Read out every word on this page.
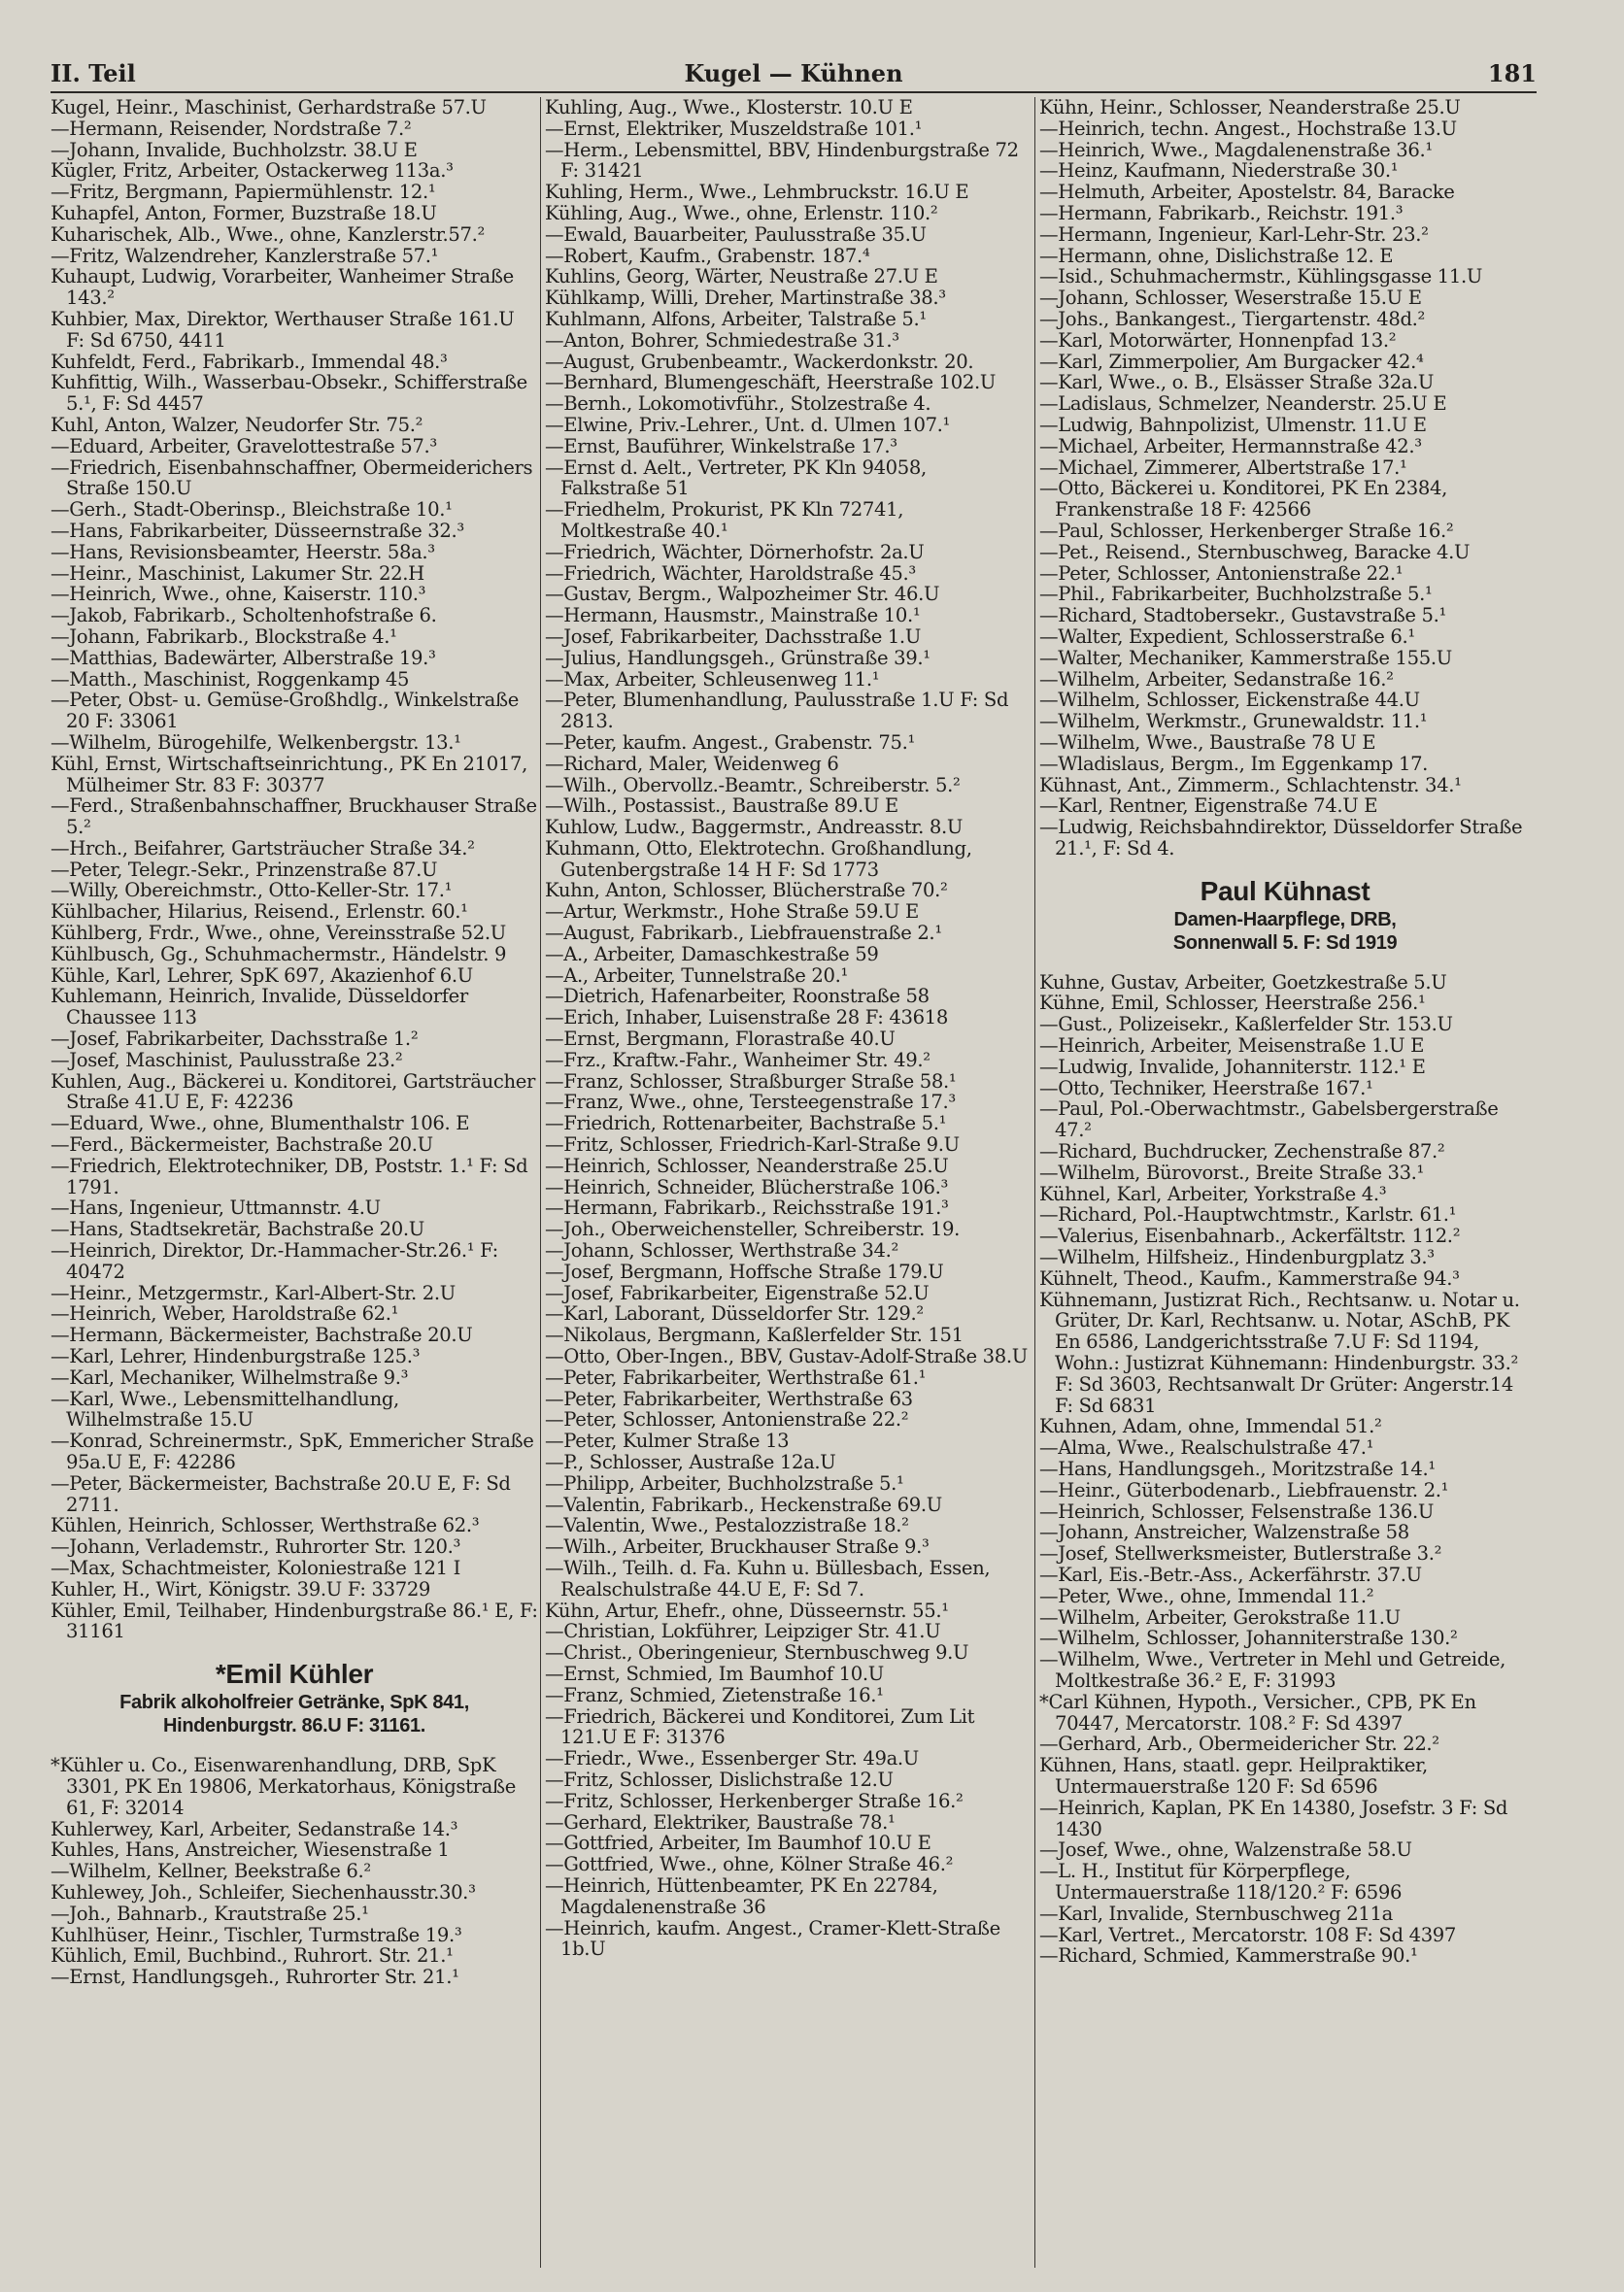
II. Teil	Kugel — Kühnen	181
Kugel, Heinr., Maschinist, Gerhardstraße 57.U
—Hermann, Reisender, Nordstraße 7.²
—Johann, Invalide, Buchholzstr. 38.U E
Kügler, Fritz, Arbeiter, Ostackerweg 113a.³
—Fritz, Bergmann, Papiermühlenstr. 12.¹
Kuhapfel, Anton, Former, Buzstraße 18.U
Kuharischek, Alb., Wwe., ohne, Kanzlerstr.57.²
—Fritz, Walzendreher, Kanzlerstraße 57.¹
Kuhaupt, Ludwig, Vorarbeiter, Wanheimer Straße 143.²
Kuhbier, Max, Direktor, Werthauser Straße 161.U F: Sd 6750, 4411
Kuhfeldt, Ferd., Fabrikarb., Immendal 48.³
Kuhfittig, Wilh., Wasserbau-Obsekr., Schifferstraße 5.¹, F: Sd 4457
Kuhl, Anton, Walzer, Neudorfer Str. 75.²
—Eduard, Arbeiter, Gravelottestraße 57.³
—Friedrich, Eisenbahnschaffner, Obermeiderichers Straße 150.U
—Gerh., Stadt-Oberinsp., Bleichstraße 10.¹
—Hans, Fabrikarbeiter, Düsseernstraße 32.³
—Hans, Revisionsbeamter, Heerstr. 58a.³
—Heinr., Maschinist, Lakumer Str. 22.H
—Heinrich, Wwe., ohne, Kaiserstr. 110.³
—Jakob, Fabrikarb., Scholtenhofstraße 6.
—Johann, Fabrikarb., Blockstraße 4.¹
—Matthias, Badewärter, Alberstraße 19.³
—Matth., Maschinist, Roggenkamp 45
—Peter, Obst- u. Gemüse-Großhdlg., Winkelstraße 20 F: 33061
—Wilhelm, Bürogehilfe, Welkenbergstr. 13.¹
Kühl, Ernst, Wirtschaftseinrichtung., PK En 21017, Mülheimer Str. 83 F: 30377
—Ferd., Straßenbahnschaffner, Bruckhauser Straße 5.²
—Hrch., Beifahrer, Gartsträucher Straße 34.²
—Peter, Telegr.-Sekr., Prinzenstraße 87.U
—Willy, Obereichmstr., Otto-Keller-Str. 17.¹
Kühlbacher, Hilarius, Reisend., Erlenstr. 60.¹
Kühlberg, Frdr., Wwe., ohne, Vereinsstraße 52.U
Kühlbusch, Gg., Schuhmachermstr., Händelstr. 9
Kühle, Karl, Lehrer, SpK 697, Akazienhof 6.U
Kuhlemann, Heinrich, Invalide, Düsseldorfer Chaussee 113
—Josef, Fabrikarbeiter, Dachsstraße 1.²
—Josef, Maschinist, Paulusstraße 23.²
Kuhlen, Aug., Bäckerei u. Konditorei, Gartsträucher Straße 41.U E, F: 42236
—Eduard, Wwe., ohne, Blumenthalstr 106. E
—Ferd., Bäckermeister, Bachstraße 20.U
—Friedrich, Elektrotechniker, DB, Poststr. 1.¹ F: Sd 1791.
—Hans, Ingenieur, Uttmannstr. 4.U
—Hans, Stadtsekretär, Bachstraße 20.U
—Heinrich, Direktor, Dr.-Hammacher-Str.26.¹ F: 40472
—Heinr., Metzgermstr., Karl-Albert-Str. 2.U
—Heinrich, Weber, Haroldstraße 62.¹
—Hermann, Bäckermeister, Bachstraße 20.U
—Karl, Lehrer, Hindenburgstraße 125.³
—Karl, Mechaniker, Wilhelmstraße 9.³
—Karl, Wwe., Lebensmittelhandlung, Wilhelmstraße 15.U
—Konrad, Schreinermstr., SpK, Emmericher Straße 95a.U E, F: 42286
—Peter, Bäckermeister, Bachstraße 20.U E, F: Sd 2711.
Kühlen, Heinrich, Schlosser, Werthstraße 62.³
—Johann, Verlademstr., Ruhrorter Str. 120.³
—Max, Schachtmeister, Koloniestraße 121 I
Kuhler, H., Wirt, Königstr. 39.U F: 33729
Kühler, Emil, Teilhaber, Hindenburgstraße 86.¹ E, F: 31161
*Emil Kühler
Fabrik alkoholfreier Getränke, SpK 841,
Hindenburgstr. 86.U F: 31161.
*Kühler u. Co., Eisenwarenhandlung, DRB, SpK 3301, PK En 19806, Merkatorhaus, Königstraße 61, F: 32014
Kuhlerwey, Karl, Arbeiter, Sedanstraße 14.³
Kuhles, Hans, Anstreicher, Wiesenstraße 1
—Wilhelm, Kellner, Beekstraße 6.²
Kuhlewey, Joh., Schleifer, Siechenhausstr.30.³
—Joh., Bahnarb., Krautstraße 25.¹
Kuhlhüser, Heinr., Tischler, Turmstraße 19.³
Kühlich, Emil, Buchbind., Ruhrort. Str. 21.¹
—Ernst, Handlungsgeh., Ruhrorter Str. 21.¹
Kuhling, Aug., Wwe., Klosterstr. 10.U E
—Ernst, Elektriker, Muszeldstraße 101.¹
—Herm., Lebensmittel, BBV, Hindenburgstraße 72 F: 31421
Kuhling, Herm., Wwe., Lehmbruckstr. 16.U E
Kühling, Aug., Wwe., ohne, Erlenstr. 110.²
—Ewald, Bauarbeiter, Paulusstraße 35.U
—Robert, Kaufm., Grabenstr. 187.⁴
Kuhlins, Georg, Wärter, Neustraße 27.U E
Kühlkamp, Willi, Dreher, Martinstraße 38.³
Kuhlmann, Alfons, Arbeiter, Talstraße 5.¹
—Anton, Bohrer, Schmiedestraße 31.³
—August, Grubenbeamtr., Wackerdonkstr. 20.
—Bernhard, Blumengeschäft, Heerstraße 102.U
—Bernh., Lokomotivführ., Stolzestraße 4.
—Elwine, Priv.-Lehrer., Unt. d. Ulmen 107.¹
—Ernst, Bauführer, Winkelstraße 17.³
—Ernst d. Aelt., Vertreter, PK Kln 94058, Falkstraße 51
—Friedhelm, Prokurist, PK Kln 72741, Moltkestraße 40.¹
—Friedrich, Wächter, Dörnerhofstr. 2a.U
—Friedrich, Wächter, Haroldstraße 45.³
—Gustav, Bergm., Walpozheimer Str. 46.U
—Hermann, Hausmstr., Mainstraße 10.¹
—Josef, Fabrikarbeiter, Dachsstraße 1.U
—Julius, Handlungsgeh., Grünstraße 39.¹
—Max, Arbeiter, Schleusenweg 11.¹
—Peter, Blumenhandlung, Paulusstraße 1.U F: Sd 2813.
—Peter, kaufm. Angest., Grabenstr. 75.¹
—Richard, Maler, Weidenweg 6
—Wilh., Obervollz.-Beamtr., Schreiberstr. 5.²
—Wilh., Postassist., Baustraße 89.U E
Kuhlow, Ludw., Baggermstr., Andreasstr. 8.U
Kuhmann, Otto, Elektrotechn. Großhandlung, Gutenbergstraße 14 H F: Sd 1773
Kuhn, Anton, Schlosser, Blücherstraße 70.²
—Artur, Werkmstr., Hohe Straße 59.U E
—August, Fabrikarb., Liebfrauenstraße 2.¹
—A., Arbeiter, Damaschkestraße 59
—A., Arbeiter, Tunnelstraße 20.¹
—Dietrich, Hafenarbeiter, Roonstraße 58
—Erich, Inhaber, Luisenstraße 28 F: 43618
—Ernst, Bergmann, Florastraße 40.U
—Frz., Kraftw.-Fahr., Wanheimer Str. 49.²
—Franz, Schlosser, Straßburger Straße 58.¹
—Franz, Wwe., ohne, Tersteegenstraße 17.³
—Friedrich, Rottenarbeiter, Bachstraße 5.¹
—Fritz, Schlosser, Friedrich-Karl-Straße 9.U
—Heinrich, Schlosser, Neanderstraße 25.U
—Heinrich, Schneider, Blücherstraße 106.³
—Hermann, Fabrikarb., Reichsstraße 191.³
—Joh., Oberweichensteller, Schreiberstr. 19.
—Johann, Schlosser, Werthstraße 34.²
—Josef, Bergmann, Hoffsche Straße 179.U
—Josef, Fabrikarbeiter, Eigenstraße 52.U
—Karl, Laborant, Düsseldorfer Str. 129.²
—Nikolaus, Bergmann, Kaßlerfelder Str. 151
—Otto, Ober-Ingen., BBV, Gustav-Adolf-Straße 38.U
—Peter, Fabrikarbeiter, Werthstraße 61.¹
—Peter, Fabrikarbeiter, Werthstraße 63
—Peter, Schlosser, Antonienstraße 22.²
—Peter, Kulmer Straße 13
—P., Schlosser, Austraße 12a.U
—Philipp, Arbeiter, Buchholzstraße 5.¹
—Valentin, Fabrikarb., Heckenstraße 69.U
—Valentin, Wwe., Pestalozzistraße 18.²
—Wilh., Arbeiter, Bruckhauser Straße 9.³
—Wilh., Teilh. d. Fa. Kuhn u. Büllesbach, Essen, Realschulstraße 44.U E, F: Sd 7.
Kühn, Artur, Ehefr., ohne, Düsseernstr. 55.¹
—Christian, Lokführer, Leipziger Str. 41.U
—Christ., Oberingenieur, Sternbuschweg 9.U
—Ernst, Schmied, Im Baumhof 10.U
—Franz, Schmied, Zietenstraße 16.¹
—Friedrich, Bäckerei und Konditorei, Zum Lit 121.U E F: 31376
—Friedr., Wwe., Essenberger Str. 49a.U
—Fritz, Schlosser, Dislichstraße 12.U
—Fritz, Schlosser, Herkenberger Straße 16.²
—Gerhard, Elektriker, Baustraße 78.¹
—Gottfried, Arbeiter, Im Baumhof 10.U E
—Gottfried, Wwe., ohne, Kölner Straße 46.²
—Heinrich, Hüttenbeamter, PK En 22784, Magdalenenstraße 36
—Heinrich, kaufm. Angest., Cramer-Klett-Straße 1b.U
Kühn, Heinr., Schlosser, Neanderstraße 25.U
—Heinrich, techn. Angest., Hochstraße 13.U
—Heinrich, Wwe., Magdalenenstraße 36.¹
—Heinz, Kaufmann, Niederstraße 30.¹
—Helmuth, Arbeiter, Apostelstr. 84, Baracke
—Hermann, Fabrikarb., Reichstr. 191.³
—Hermann, Ingenieur, Karl-Lehr-Str. 23.²
—Hermann, ohne, Dislichstraße 12. E
—Isid., Schuhmachermstr., Kühlingsgasse 11.U
—Johann, Schlosser, Weserstraße 15.U E
—Johs., Bankangest., Tiergartenstr. 48d.²
—Karl, Motorwärter, Honnenpfad 13.²
—Karl, Zimmerpolier, Am Burgacker 42.⁴
—Karl, Wwe., o. B., Elsässer Straße 32a.U
—Ladislaus, Schmelzer, Neanderstr. 25.U E
—Ludwig, Bahnpolizist, Ulmenstr. 11.U E
—Michael, Arbeiter, Hermannstraße 42.³
—Michael, Zimmerer, Albertstraße 17.¹
—Otto, Bäckerei u. Konditorei, PK En 2384, Frankenstraße 18 F: 42566
—Paul, Schlosser, Herkenberger Straße 16.²
—Pet., Reisend., Sternbuschweg, Baracke 4.U
—Peter, Schlosser, Antonienstraße 22.¹
—Phil., Fabrikarbeiter, Buchholzstraße 5.¹
—Richard, Stadtobersekr., Gustavstraße 5.¹
—Walter, Expedient, Schlosserstraße 6.¹
—Walter, Mechaniker, Kammerstraße 155.U
—Wilhelm, Arbeiter, Sedanstraße 16.²
—Wilhelm, Schlosser, Eickenstraße 44.U
—Wilhelm, Werkmstr., Grunewaldstr. 11.¹
—Wilhelm, Wwe., Baustraße 78 U E
—Wladislaus, Bergm., Im Eggenkamp 17.
Kühnast, Ant., Zimmerm., Schlachtenstr. 34.¹
—Karl, Rentner, Eigenstraße 74.U E
—Ludwig, Reichsbahndirektor, Düsseldorfer Straße 21.¹, F: Sd 4.
Paul Kühnast
Damen-Haarpflege, DRB,
Sonnenwall 5. F: Sd 1919
Kuhne, Gustav, Arbeiter, Goetzkestraße 5.U
Kühne, Emil, Schlosser, Heerstraße 256.¹
—Gust., Polizeisekr., Kaßlerfelder Str. 153.U
—Heinrich, Arbeiter, Meisenstraße 1.U E
—Ludwig, Invalide, Johanniterstr. 112.¹ E
—Otto, Techniker, Heerstraße 167.¹
—Paul, Pol.-Oberwachtmstr., Gabelsbergerstraße 47.²
—Richard, Buchdrucker, Zechenstraße 87.²
—Wilhelm, Bürovorst., Breite Straße 33.¹
Kühnel, Karl, Arbeiter, Yorkstraße 4.³
—Richard, Pol.-Hauptwchtmstr., Karlstr. 61.¹
—Valerius, Eisenbahnarb., Ackerfältstr. 112.²
—Wilhelm, Hilfsheiz., Hindenburgplatz 3.³
Kühnelt, Theod., Kaufm., Kammerstraße 94.³
Kühnemann, Justizrat Rich., Rechtsanw. u. Notar u. Grüter, Dr. Karl, Rechtsanw. u. Notar, ASchB, PK En 6586, Landgerichtsstraße 7.U F: Sd 1194, Wohn.: Justizrat Kühnemann: Hindenburgstr. 33.² F: Sd 3603, Rechtsanwalt Dr Grüter: Angerstr.14 F: Sd 6831
Kuhnen, Adam, ohne, Immendal 51.²
—Alma, Wwe., Realschulstraße 47.¹
—Hans, Handlungsgeh., Moritzstraße 14.¹
—Heinr., Güterbodenarb., Liebfrauenstr. 2.¹
—Heinrich, Schlosser, Felsenstraße 136.U
—Johann, Anstreicher, Walzenstraße 58
—Josef, Stellwerksmeister, Butlerstraße 3.²
—Karl, Eis.-Betr.-Ass., Ackerfährstr. 37.U
—Peter, Wwe., ohne, Immendal 11.²
—Wilhelm, Arbeiter, Gerokstraße 11.U
—Wilhelm, Schlosser, Johanniterstraße 130.²
—Wilhelm, Wwe., Vertreter in Mehl und Getreide, Moltkestraße 36.² E, F: 31993
*Carl Kühnen, Hypoth., Versicher., CPB, PK En 70447, Mercatorstr. 108.² F: Sd 4397
—Gerhard, Arb., Obermeidericher Str. 22.²
Kühnen, Hans, staatl. gepr. Heilpraktiker, Untermauerstraße 120 F: Sd 6596
—Heinrich, Kaplan, PK En 14380, Josefstr. 3 F: Sd 1430
—Josef, Wwe., ohne, Walzenstraße 58.U
—L. H., Institut für Körperpflege, Untermauerstraße 118/120.² F: 6596
—Karl, Invalide, Sternbuschweg 211a
—Karl, Vertret., Mercatorstr. 108 F: Sd 4397
—Richard, Schmied, Kammerstraße 90.¹
